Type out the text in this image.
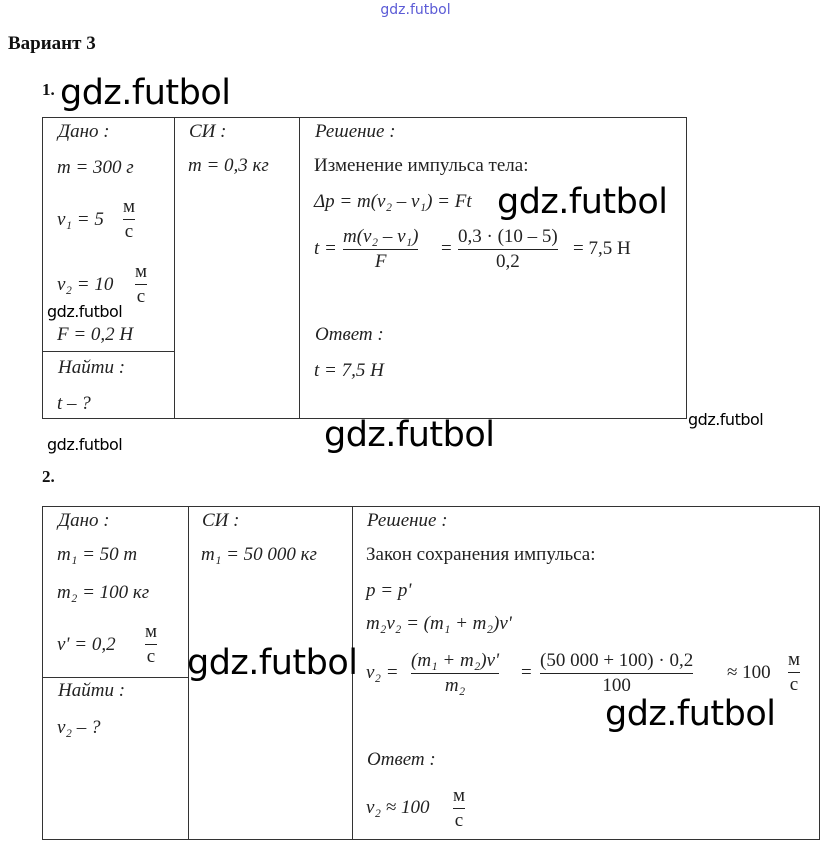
gdz.futbol
Вариант 3
1.
Дано :
m = 300 г
v₁ = 5
м
с
v₂ = 10
м
с
F = 0,2 Н
Найти :
t – ?
СИ :
m = 0,3 кг
Решение :
Изменение импульса тела:
Δp = m(v₂ – v₁) = Ft
t =
m(v₂ – v₁)
F
=
0,3 · (10 – 5)
0,2
= 7,5 Н
Ответ :
t = 7,5 Н
2.
Дано :
m₁ = 50 т
m₂ = 100 кг
v' = 0,2
м
с
Найти :
v₂ – ?
СИ :
m₁ = 50 000 кг
Решение :
Закон сохранения импульса:
p = p'
m₂v₂ = (m₁ + m₂)v'
v₂ =
(m₁ + m₂)v'
m₂
=
(50 000 + 100) · 0,2
100
≈ 100
м
с
Ответ :
v₂ ≈ 100
м
с
gdz.futbol
gdz.futbol
gdz.futbol
gdz.futbol
gdz.futbol	gdz.futbol
gdz.futbol
gdz.futbol
